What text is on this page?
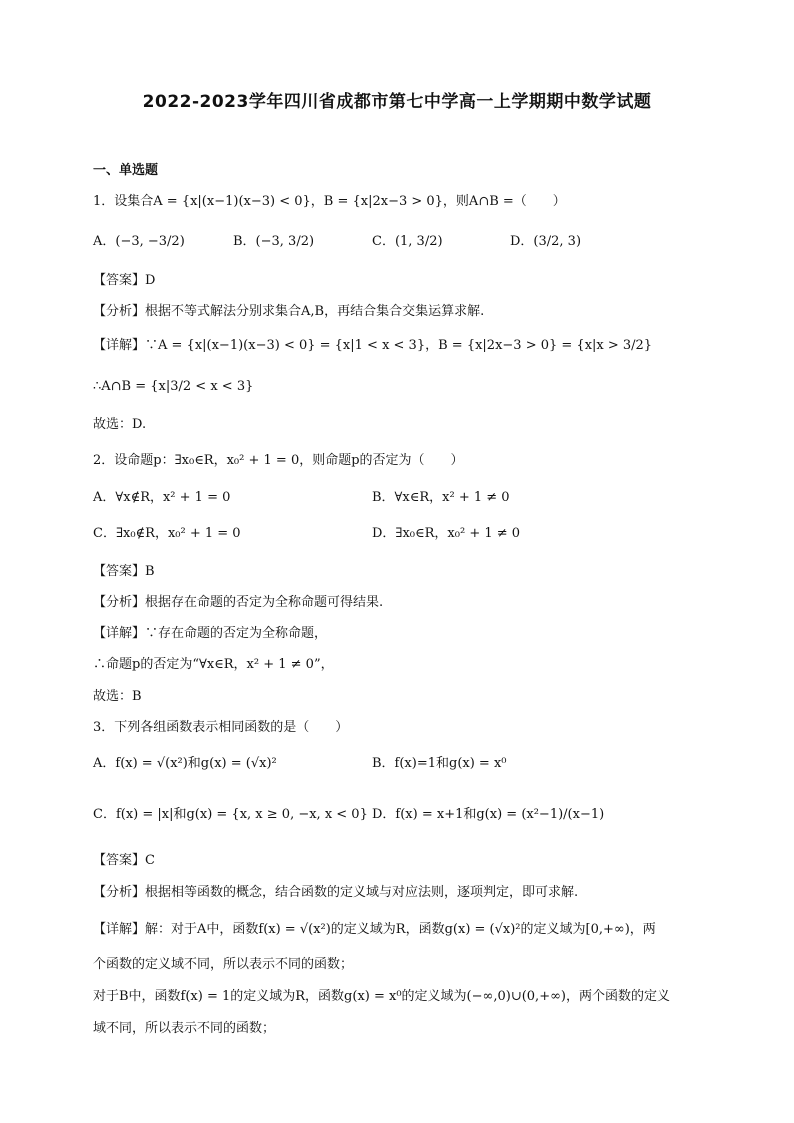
2022-2023学年四川省成都市第七中学高一上学期期中数学试题
一、单选题
1．设集合A = {x|(x−1)(x−3) < 0}，B = {x|2x−3 > 0}，则A∩B =（　　）
A．(−3, −3/2)	B．(−3, 3/2)	C．(1, 3/2)	D．(3/2, 3)
【答案】D
【分析】根据不等式解法分别求集合A,B，再结合集合交集运算求解.
【详解】∵A = {x|(x−1)(x−3) < 0} = {x|1 < x < 3}，B = {x|2x−3 > 0} = {x|x > 3/2}
∴A∩B = {x|3/2 < x < 3}
故选：D.
2．设命题p：∃x₀∈R，x₀² + 1 = 0，则命题p的否定为（　　）
A．∀x∉R，x² + 1 = 0	B．∀x∈R，x² + 1 ≠ 0
C．∃x₀∉R，x₀² + 1 = 0	D．∃x₀∈R，x₀² + 1 ≠ 0
【答案】B
【分析】根据存在命题的否定为全称命题可得结果.
【详解】∵存在命题的否定为全称命题，
∴命题p的否定为“∀x∈R，x² + 1 ≠ 0”，
故选：B
3．下列各组函数表示相同函数的是（　　）
A．f(x) = √(x²)和g(x) = (√x)²	B．f(x)=1和g(x) = x⁰
C．f(x) = |x|和g(x) = {x, x ≥ 0, −x, x < 0} D．f(x) = x+1和g(x) = (x²−1)/(x−1)
【答案】C
【分析】根据相等函数的概念，结合函数的定义域与对应法则，逐项判定，即可求解.
【详解】解：对于A中，函数f(x) = √(x²)的定义域为R，函数g(x) = (√x)²的定义域为[0,+∞)，两
个函数的定义域不同，所以表示不同的函数；
对于B中，函数f(x) = 1的定义域为R，函数g(x) = x⁰的定义域为(−∞,0)∪(0,+∞)，两个函数的定义
域不同，所以表示不同的函数；
